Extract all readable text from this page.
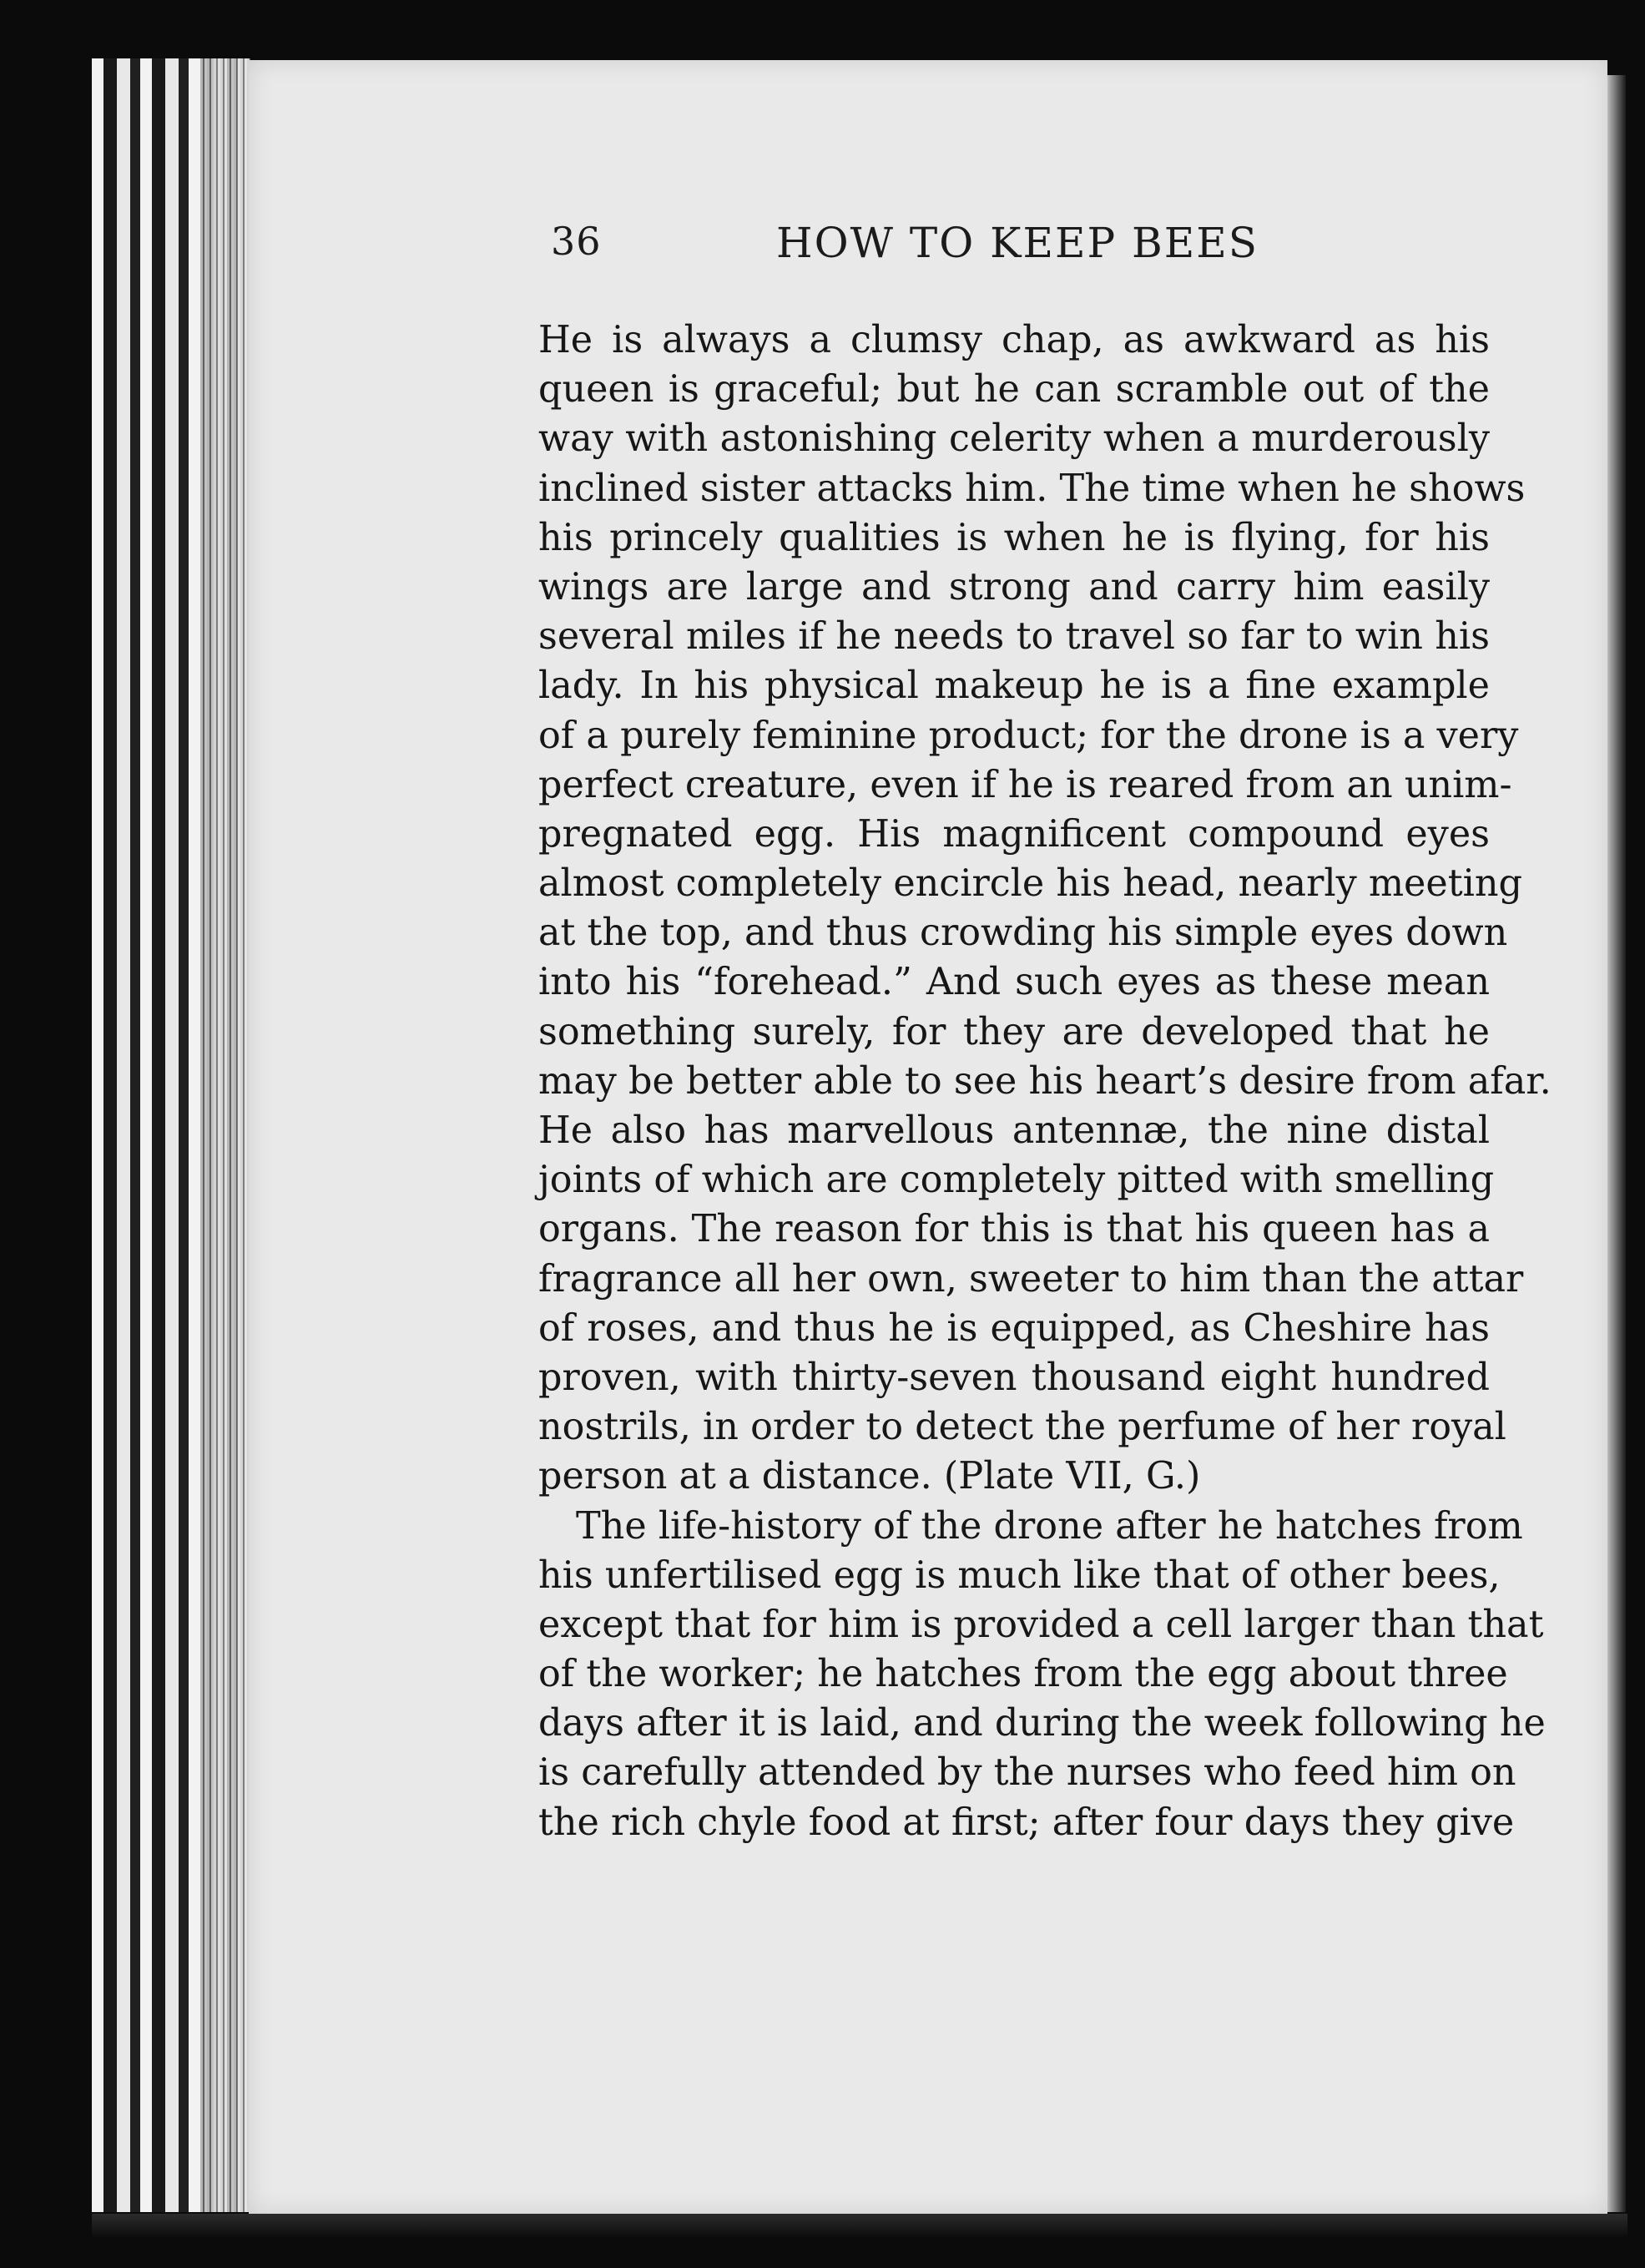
36	HOW TO KEEP BEES
He is always a clumsy chap, as awkward as his
queen is graceful; but he can scramble out of the
way with astonishing celerity when a murderously
inclined sister attacks him. The time when he shows
his princely qualities is when he is flying, for his
wings are large and strong and carry him easily
several miles if he needs to travel so far to win his
lady. In his physical makeup he is a fine example
of a purely feminine product; for the drone is a very
perfect creature, even if he is reared from an unim-
pregnated egg. His magnificent compound eyes
almost completely encircle his head, nearly meeting
at the top, and thus crowding his simple eyes down
into his “forehead.” And such eyes as these mean
something surely, for they are developed that he
may be better able to see his heart’s desire from afar.
He also has marvellous antennæ, the nine distal
joints of which are completely pitted with smelling
organs. The reason for this is that his queen has a
fragrance all her own, sweeter to him than the attar
of roses, and thus he is equipped, as Cheshire has
proven, with thirty-seven thousand eight hundred
nostrils, in order to detect the perfume of her royal
person at a distance. (Plate VII, G.)
The life-history of the drone after he hatches from
his unfertilised egg is much like that of other bees,
except that for him is provided a cell larger than that
of the worker; he hatches from the egg about three
days after it is laid, and during the week following he
is carefully attended by the nurses who feed him on
the rich chyle food at first; after four days they give
